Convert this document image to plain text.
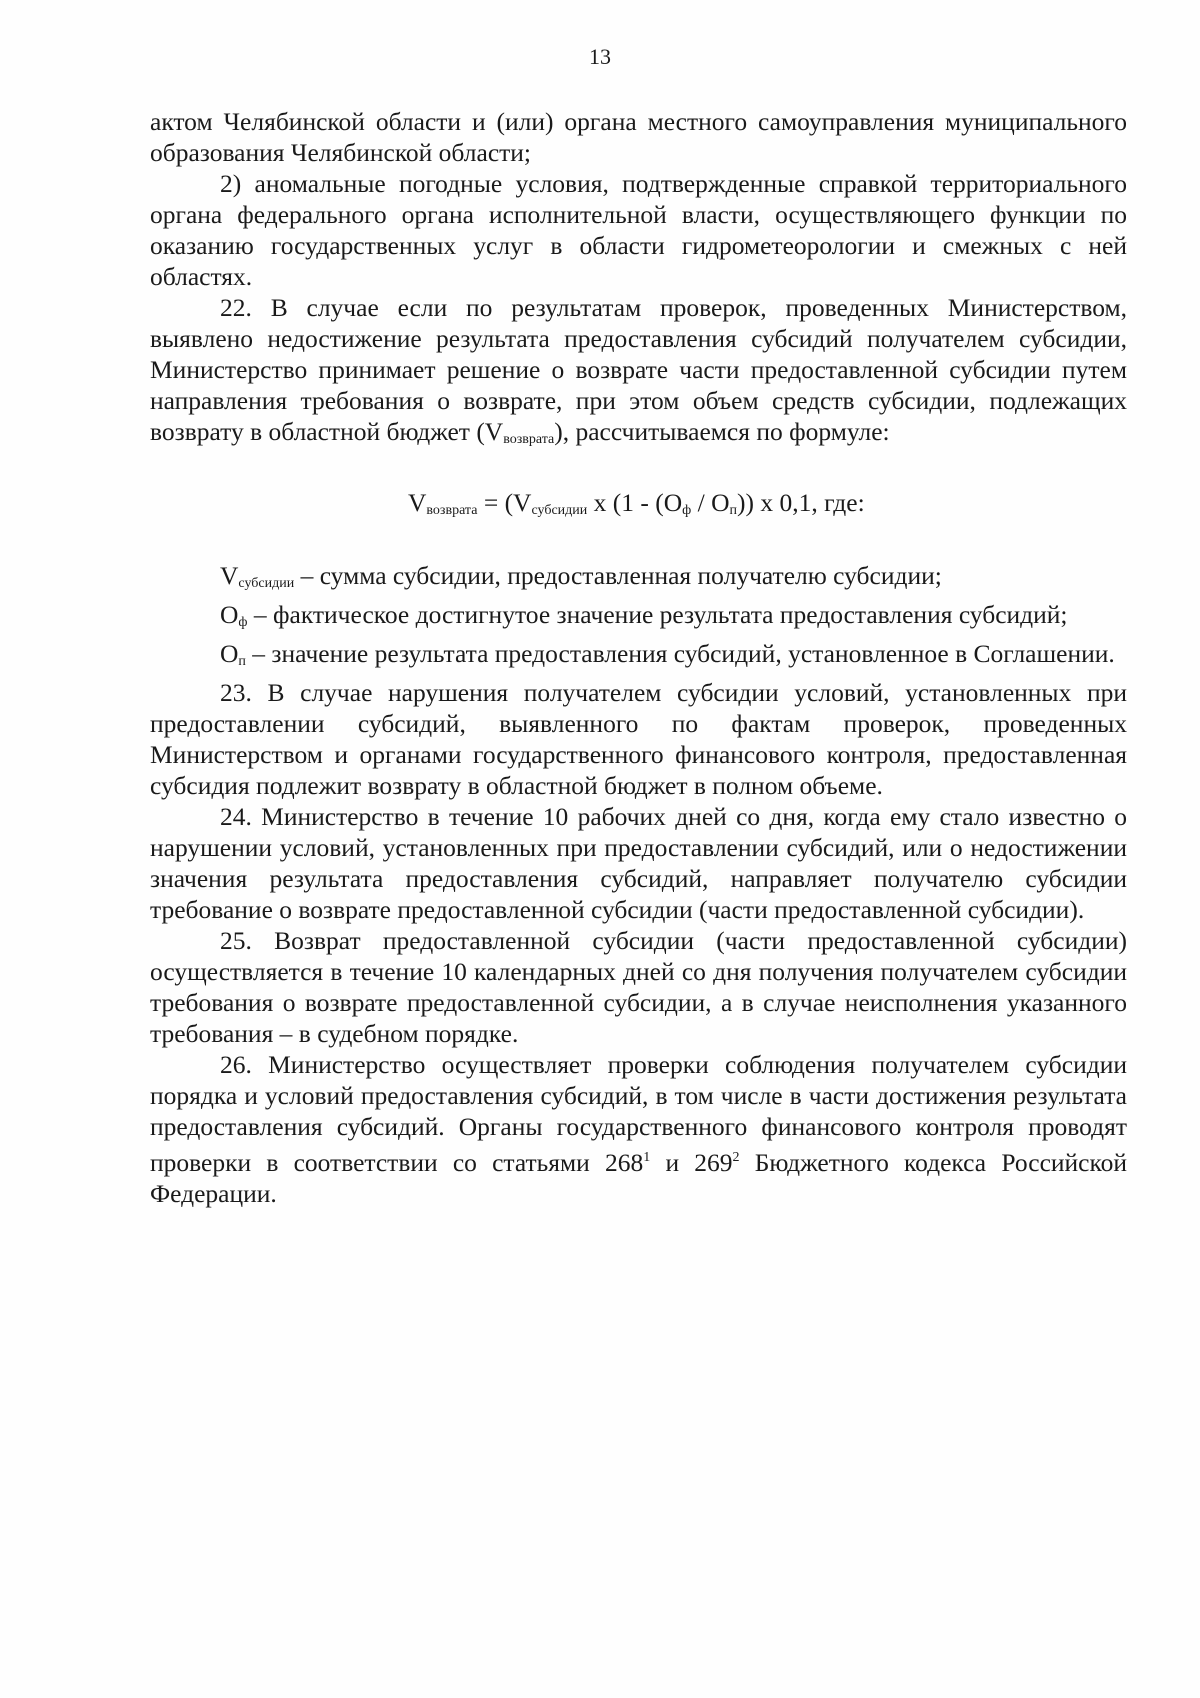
13

актом Челябинской области и (или) органа местного самоуправления муниципального образования Челябинской области;

2) аномальные погодные условия, подтвержденные справкой территориального органа федерального органа исполнительной власти, осуществляющего функции по оказанию государственных услуг в области гидрометеорологии и смежных с ней областях.

22. В случае если по результатам проверок, проведенных Министерством, выявлено недостижение результата предоставления субсидий получателем субсидии, Министерство принимает решение о возврате части предоставленной субсидии путем направления требования о возврате, при этом объем средств субсидии, подлежащих возврату в областной бюджет $(V_{возврата})$, рассчитываемся по формуле:

$V_{возврата} = (V_{субсидии}$ х $(1 - (О_ф / О_п))$ х 0,1, где:

$V_{субсидии}$ – сумма субсидии, предоставленная получателю субсидии;

$О_ф$ – фактическое достигнутое значение результата предоставления субсидий;

$О_п$ – значение результата предоставления субсидий, установленное в Соглашении.

23. В случае нарушения получателем субсидии условий, установленных при предоставлении субсидий, выявленного по фактам проверок, проведенных Министерством и органами государственного финансового контроля, предоставленная субсидия подлежит возврату в областной бюджет в полном объеме.

24. Министерство в течение 10 рабочих дней со дня, когда ему стало известно о нарушении условий, установленных при предоставлении субсидий, или о недостижении значения результата предоставления субсидий, направляет получателю субсидии требование о возврате предоставленной субсидии (части предоставленной субсидии).

25. Возврат предоставленной субсидии (части предоставленной субсидии) осуществляется в течение 10 календарных дней со дня получения получателем субсидии требования о возврате предоставленной субсидии, а в случае неисполнения указанного требования – в судебном порядке.

26. Министерство осуществляет проверки соблюдения получателем субсидии порядка и условий предоставления субсидий, в том числе в части достижения результата предоставления субсидий. Органы государственного финансового контроля проводят проверки в соответствии со статьями $268^1$ и $269^2$ Бюджетного кодекса Российской Федерации.
